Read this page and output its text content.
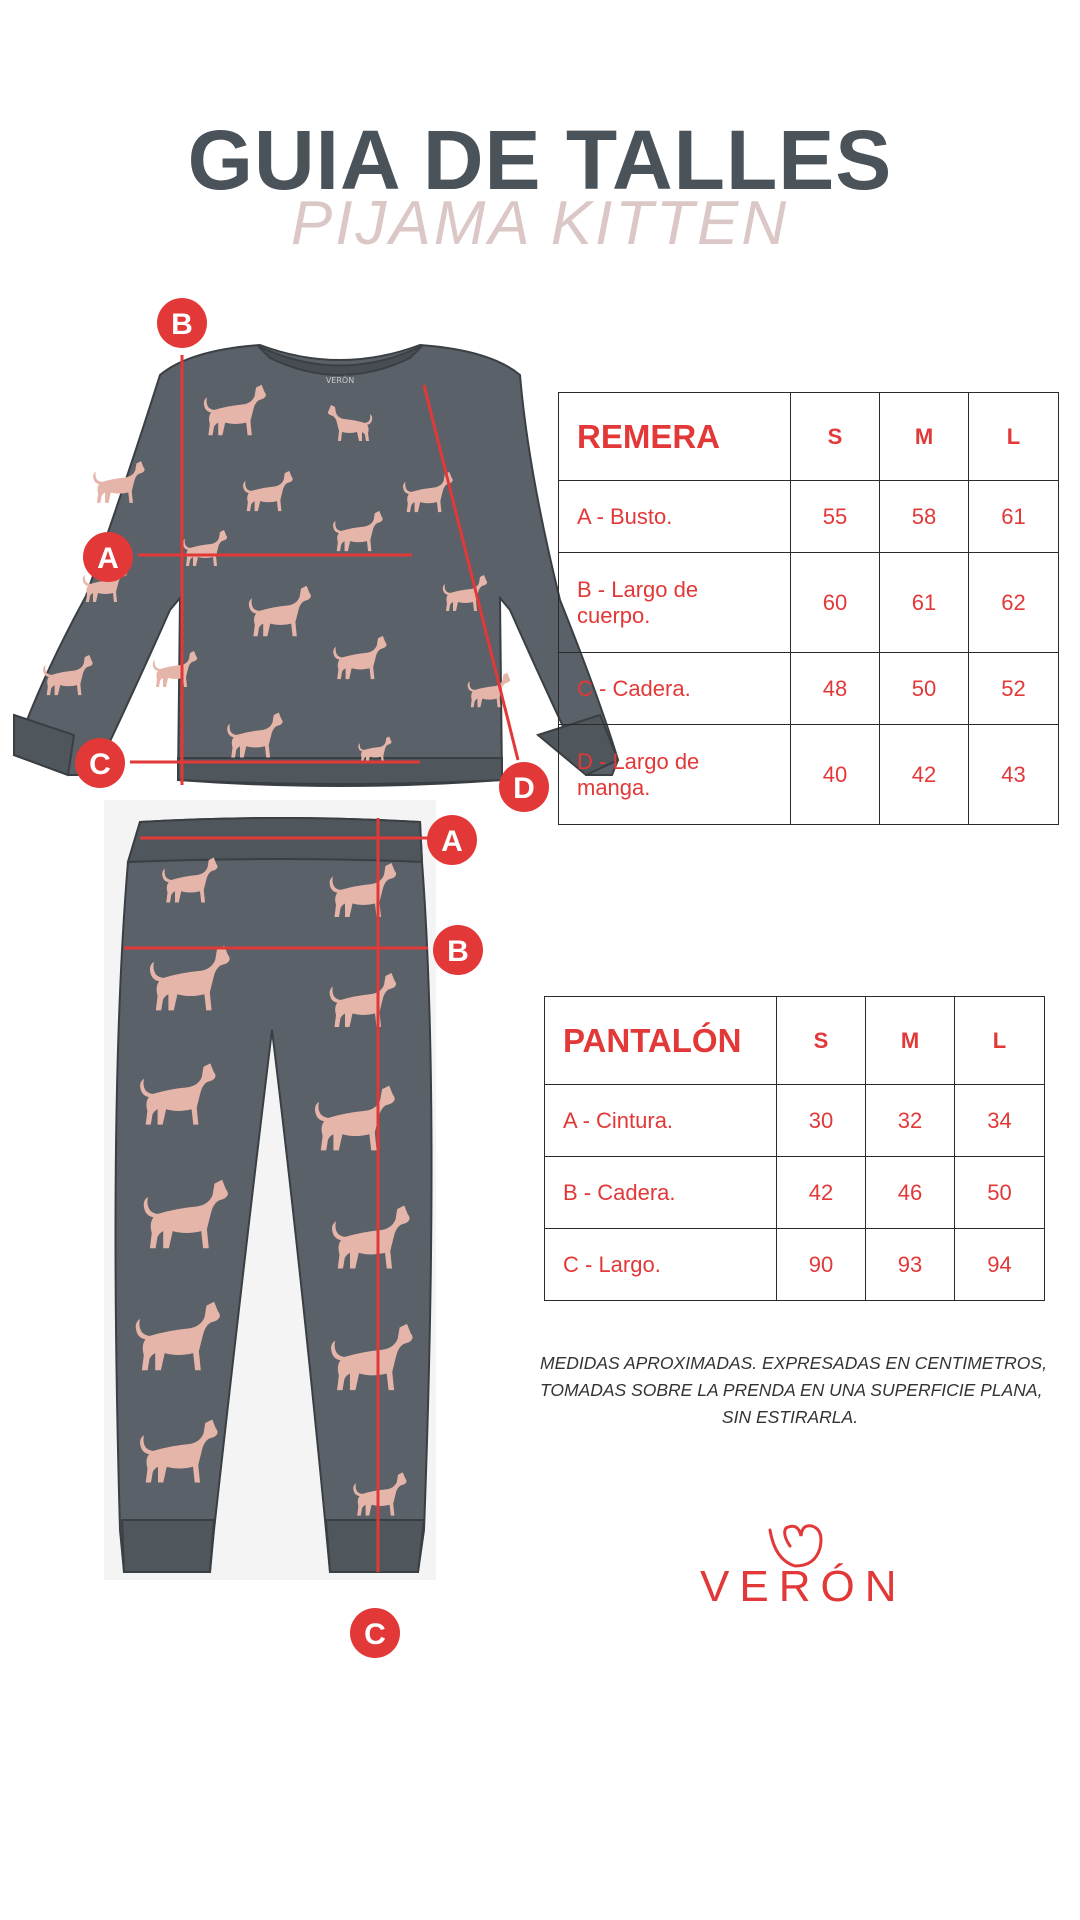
GUIA DE TALLES
PIJAMA KITTEN
VERÓN
B
A
C
D
A
B
C
REMERA	S	M	L
A - Busto.	55	58	61
B - Largo de
cuerpo.	60	61	62
C - Cadera.	48	50	52
D - Largo de
manga.	40	42	43
PANTALÓN	S	M	L
A - Cintura.	30	32	34
B - Cadera.	42	46	50
C - Largo.	90	93	94
MEDIDAS APROXIMADAS. EXPRESADAS EN CENTIMETROS,
TOMADAS SOBRE LA PRENDA EN UNA SUPERFICIE PLANA,
SIN ESTIRARLA.
VERÓN
